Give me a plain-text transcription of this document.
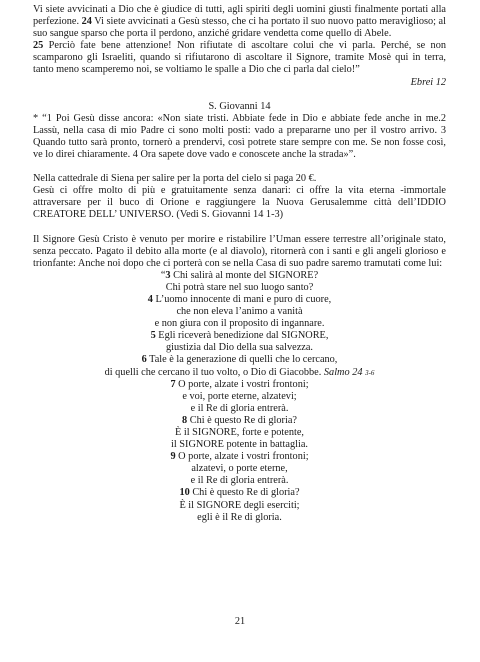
Vi siete avvicinati a Dio che è giudice di tutti, agli spiriti degli uomini giusti finalmente portati alla perfezione. 24 Vi siete avvicinati a Gesù stesso, che ci ha portato il suo nuovo patto meraviglioso; al suo sangue sparso che porta il perdono, anziché gridare vendetta come quello di Abele.

25 Perciò fate bene attenzione! Non rifiutate di ascoltare colui che vi parla. Perché, se non scamparono gli Israeliti, quando si rifiutarono di ascoltare il Signore, tramite Mosè qui in terra, tanto meno scamperemo noi, se voltiamo le spalle a Dio che ci parla dal cielo!”

Ebrei 12

S. Giovanni 14

* “1 Poi Gesù disse ancora: «Non siate tristi. Abbiate fede in Dio e abbiate fede anche in me.2 Lassù, nella casa di mio Padre ci sono molti posti: vado a prepararne uno per il vostro arrivo. 3 Quando tutto sarà pronto, tornerò a prendervi, così potrete stare sempre con me. Se non fosse così, ve lo direi chiaramente. 4 Ora sapete dove vado e conoscete anche la strada»”.

Nella cattedrale di Siena per salire per la porta del cielo si paga 20 €.

Gesù ci offre molto di più e gratuitamente senza danari: ci offre la vita eterna -immortale attraversare per il buco di Orione e raggiungere la Nuova Gerusalemme città dell’IDDIO CREATORE DELL’ UNIVERSO. (Vedi S. Giovanni 14 1-3)

Il Signore Gesù Cristo è venuto per morire e ristabilire l’Uman essere terrestre all’originale stato, senza peccato. Pagato il debito alla morte (e al diavolo), ritornerà con i santi e gli angeli glorioso e trionfante: Anche noi dopo che ci porterà con se nella Casa di suo padre saremo tramutati come lui:

“3 Chi salirà al monte del SIGNORE?
Chi potrà stare nel suo luogo santo?
4 L’uomo innocente di mani e puro di cuore,
che non eleva l’animo a vanità
e non giura con il proposito di ingannare.
5 Egli riceverà benedizione dal SIGNORE,
giustizia dal Dio della sua salvezza.
6 Tale è la generazione di quelli che lo cercano,
di quelli che cercano il tuo volto, o Dio di Giacobbe. Salmo 24 3-6
7 O porte, alzate i vostri frontoni;
e voi, porte eterne, alzatevi;
e il Re di gloria entrerà.
8 Chi è questo Re di gloria?
È il SIGNORE, forte e potente,
il SIGNORE potente in battaglia.
9 O porte, alzate i vostri frontoni;
alzatevi, o porte eterne,
e il Re di gloria entrerà.
10 Chi è questo Re di gloria?
È il SIGNORE degli eserciti;
egli è il Re di gloria.
21
